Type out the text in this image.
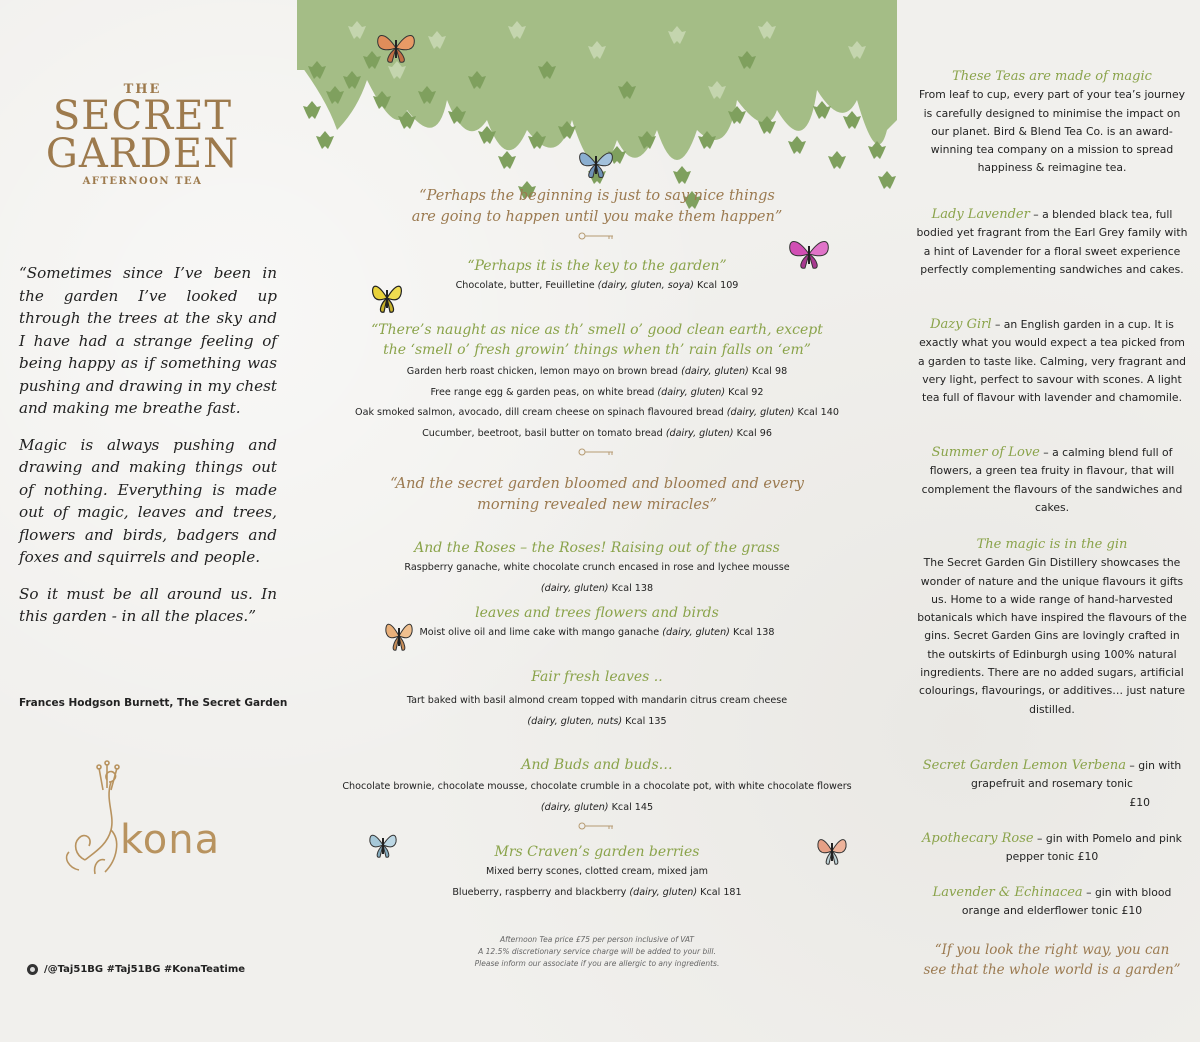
THE
SECRET
GARDEN
AFTERNOON TEA

“Sometimes since I’ve been in the garden I’ve looked up through the trees at the sky and I have had a strange feeling of being happy as if something was pushing and drawing in my chest and making me breathe fast.

Magic is always pushing and drawing and making things out of nothing. Everything is made out of magic, leaves and trees, flowers and birds, badgers and foxes and squirrels and people.

So it must be all around us. In this garden - in all the places.”

Frances Hodgson Burnett, The Secret Garden
kona
/@Taj51BG #Taj51BG #KonaTeatime
“Perhaps the beginning is just to say nice things
are going to happen until you make them happen”
“Perhaps it is the key to the garden”
Chocolate, butter, Feuilletine (dairy, gluten, soya) Kcal 109
“There’s naught as nice as th’ smell o’ good clean earth, except
the ‘smell o’ fresh growin’ things when th’ rain falls on ‘em”
Garden herb roast chicken, lemon mayo on brown bread (dairy, gluten) Kcal 98
Free range egg & garden peas, on white bread (dairy, gluten) Kcal 92
Oak smoked salmon, avocado, dill cream cheese on spinach flavoured bread (dairy, gluten) Kcal 140
Cucumber, beetroot, basil butter on tomato bread (dairy, gluten) Kcal 96
“And the secret garden bloomed and bloomed and every
morning revealed new miracles”
And the Roses – the Roses! Raising out of the grass
Raspberry ganache, white chocolate crunch encased in rose and lychee mousse
(dairy, gluten) Kcal 138
leaves and trees flowers and birds
Moist olive oil and lime cake with mango ganache (dairy, gluten) Kcal 138
Fair fresh leaves ..
Tart baked with basil almond cream topped with mandarin citrus cream cheese
(dairy, gluten, nuts) Kcal 135
And Buds and buds…
Chocolate brownie, chocolate mousse, chocolate crumble in a chocolate pot, with white chocolate flowers
(dairy, gluten) Kcal 145
Mrs Craven’s garden berries
Mixed berry scones, clotted cream, mixed jam
Blueberry, raspberry and blackberry (dairy, gluten) Kcal 181
Afternoon Tea price £75 per person inclusive of VAT
A 12.5% discretionary service charge will be added to your bill.
Please inform our associate if you are allergic to any ingredients.
These Teas are made of magic
From leaf to cup, every part of your tea’s journey is carefully designed to minimise the impact on our planet. Bird & Blend Tea Co. is an award-winning tea company on a mission to spread happiness & reimagine tea.
Lady Lavender – a blended black tea, full bodied yet fragrant from the Earl Grey family with a hint of Lavender for a floral sweet experience perfectly complementing sandwiches and cakes.
Dazy Girl – an English garden in a cup. It is exactly what you would expect a tea picked from a garden to taste like. Calming, very fragrant and very light, perfect to savour with scones. A light tea full of flavour with lavender and chamomile.
Summer of Love – a calming blend full of flowers, a green tea fruity in flavour, that will complement the flavours of the sandwiches and cakes.
The magic is in the gin
The Secret Garden Gin Distillery showcases the wonder of nature and the unique flavours it gifts us. Home to a wide range of hand-harvested botanicals which have inspired the flavours of the gins. Secret Garden Gins are lovingly crafted in the outskirts of Edinburgh using 100% natural ingredients. There are no added sugars, artificial colourings, flavourings, or additives… just nature distilled.
Secret Garden Lemon Verbena – gin with grapefruit and rosemary tonic
£10
Apothecary Rose – gin with Pomelo and pink pepper tonic £10
Lavender & Echinacea – gin with blood orange and elderflower tonic £10
“If you look the right way, you can
see that the whole world is a garden”
